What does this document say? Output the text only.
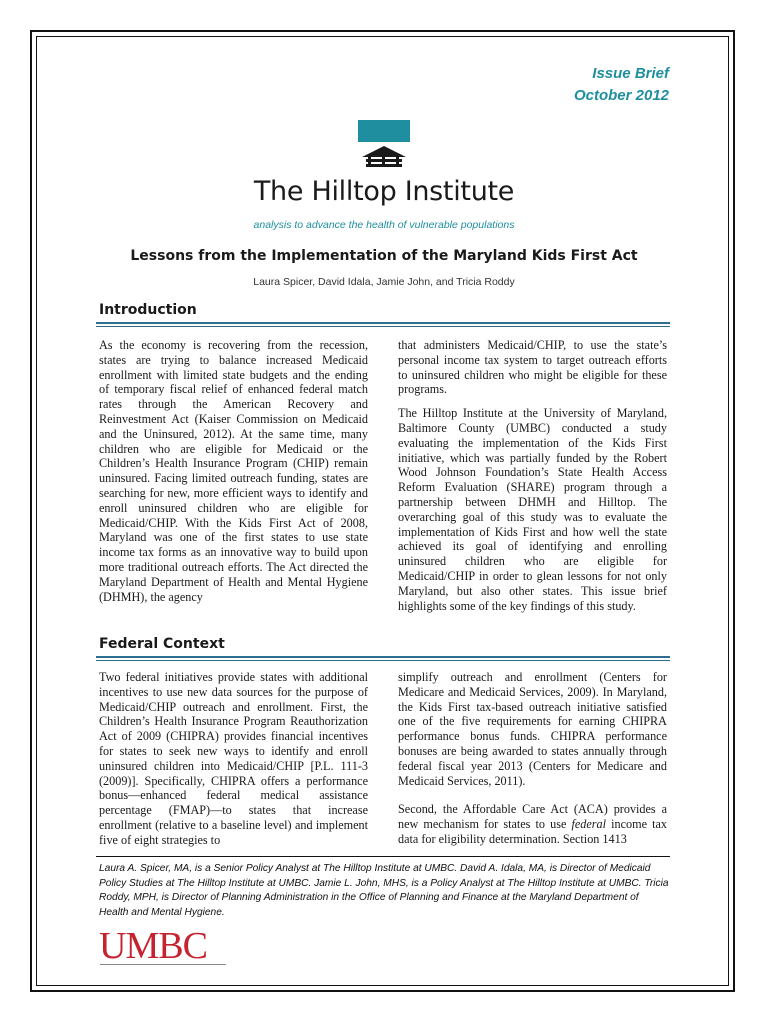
Issue Brief
October 2012
The Hilltop Institute
analysis to advance the health of vulnerable populations
Lessons from the Implementation of the Maryland Kids First Act
Laura Spicer, David Idala, Jamie John, and Tricia Roddy
Introduction

As the economy is recovering from the recession, states are trying to balance increased Medicaid enrollment with limited state budgets and the ending of temporary fiscal relief of enhanced federal match rates through the American Recovery and Reinvestment Act (Kaiser Commission on Medicaid and the Uninsured, 2012). At the same time, many children who are eligible for Medicaid or the Children’s Health Insurance Program (CHIP) remain uninsured. Facing limited outreach funding, states are searching for new, more efficient ways to identify and enroll uninsured children who are eligible for Medicaid/CHIP. With the Kids First Act of 2008, Maryland was one of the first states to use state income tax forms as an innovative way to build upon more traditional outreach efforts. The Act directed the Maryland Department of Health and Mental Hygiene (DHMH), the agency

that administers Medicaid/CHIP, to use the state’s personal income tax system to target outreach efforts to uninsured children who might be eligible for these programs.

The Hilltop Institute at the University of Maryland, Baltimore County (UMBC) conducted a study evaluating the implementation of the Kids First initiative, which was partially funded by the Robert Wood Johnson Foundation’s State Health Access Reform Evaluation (SHARE) program through a partnership between DHMH and Hilltop. The overarching goal of this study was to evaluate the implementation of Kids First and how well the state achieved its goal of identifying and enrolling uninsured children who are eligible for Medicaid/CHIP in order to glean lessons for not only Maryland, but also other states. This issue brief highlights some of the key findings of this study.

Federal Context

Two federal initiatives provide states with additional incentives to use new data sources for the purpose of Medicaid/CHIP outreach and enrollment. First, the Children’s Health Insurance Program Reauthorization Act of 2009 (CHIPRA) provides financial incentives for states to seek new ways to identify and enroll uninsured children into Medicaid/CHIP [P.L. 111-3 (2009)]. Specifically, CHIPRA offers a performance bonus—enhanced federal medical assistance percentage (FMAP)—to states that increase enrollment (relative to a baseline level) and implement five of eight strategies to

simplify outreach and enrollment (Centers for Medicare and Medicaid Services, 2009). In Maryland, the Kids First tax-based outreach initiative satisfied one of the five requirements for earning CHIPRA performance bonus funds. CHIPRA performance bonuses are being awarded to states annually through federal fiscal year 2013 (Centers for Medicare and Medicaid Services, 2011).

Second, the Affordable Care Act (ACA) provides a new mechanism for states to use federal income tax data for eligibility determination. Section 1413

Laura A. Spicer, MA, is a Senior Policy Analyst at The Hilltop Institute at UMBC. David A. Idala, MA, is Director of Medicaid Policy Studies at The Hilltop Institute at UMBC. Jamie L. John, MHS, is a Policy Analyst at The Hilltop Institute at UMBC. Tricia Roddy, MPH, is Director of Planning Administration in the Office of Planning and Finance at the Maryland Department of Health and Mental Hygiene.
UMBC
